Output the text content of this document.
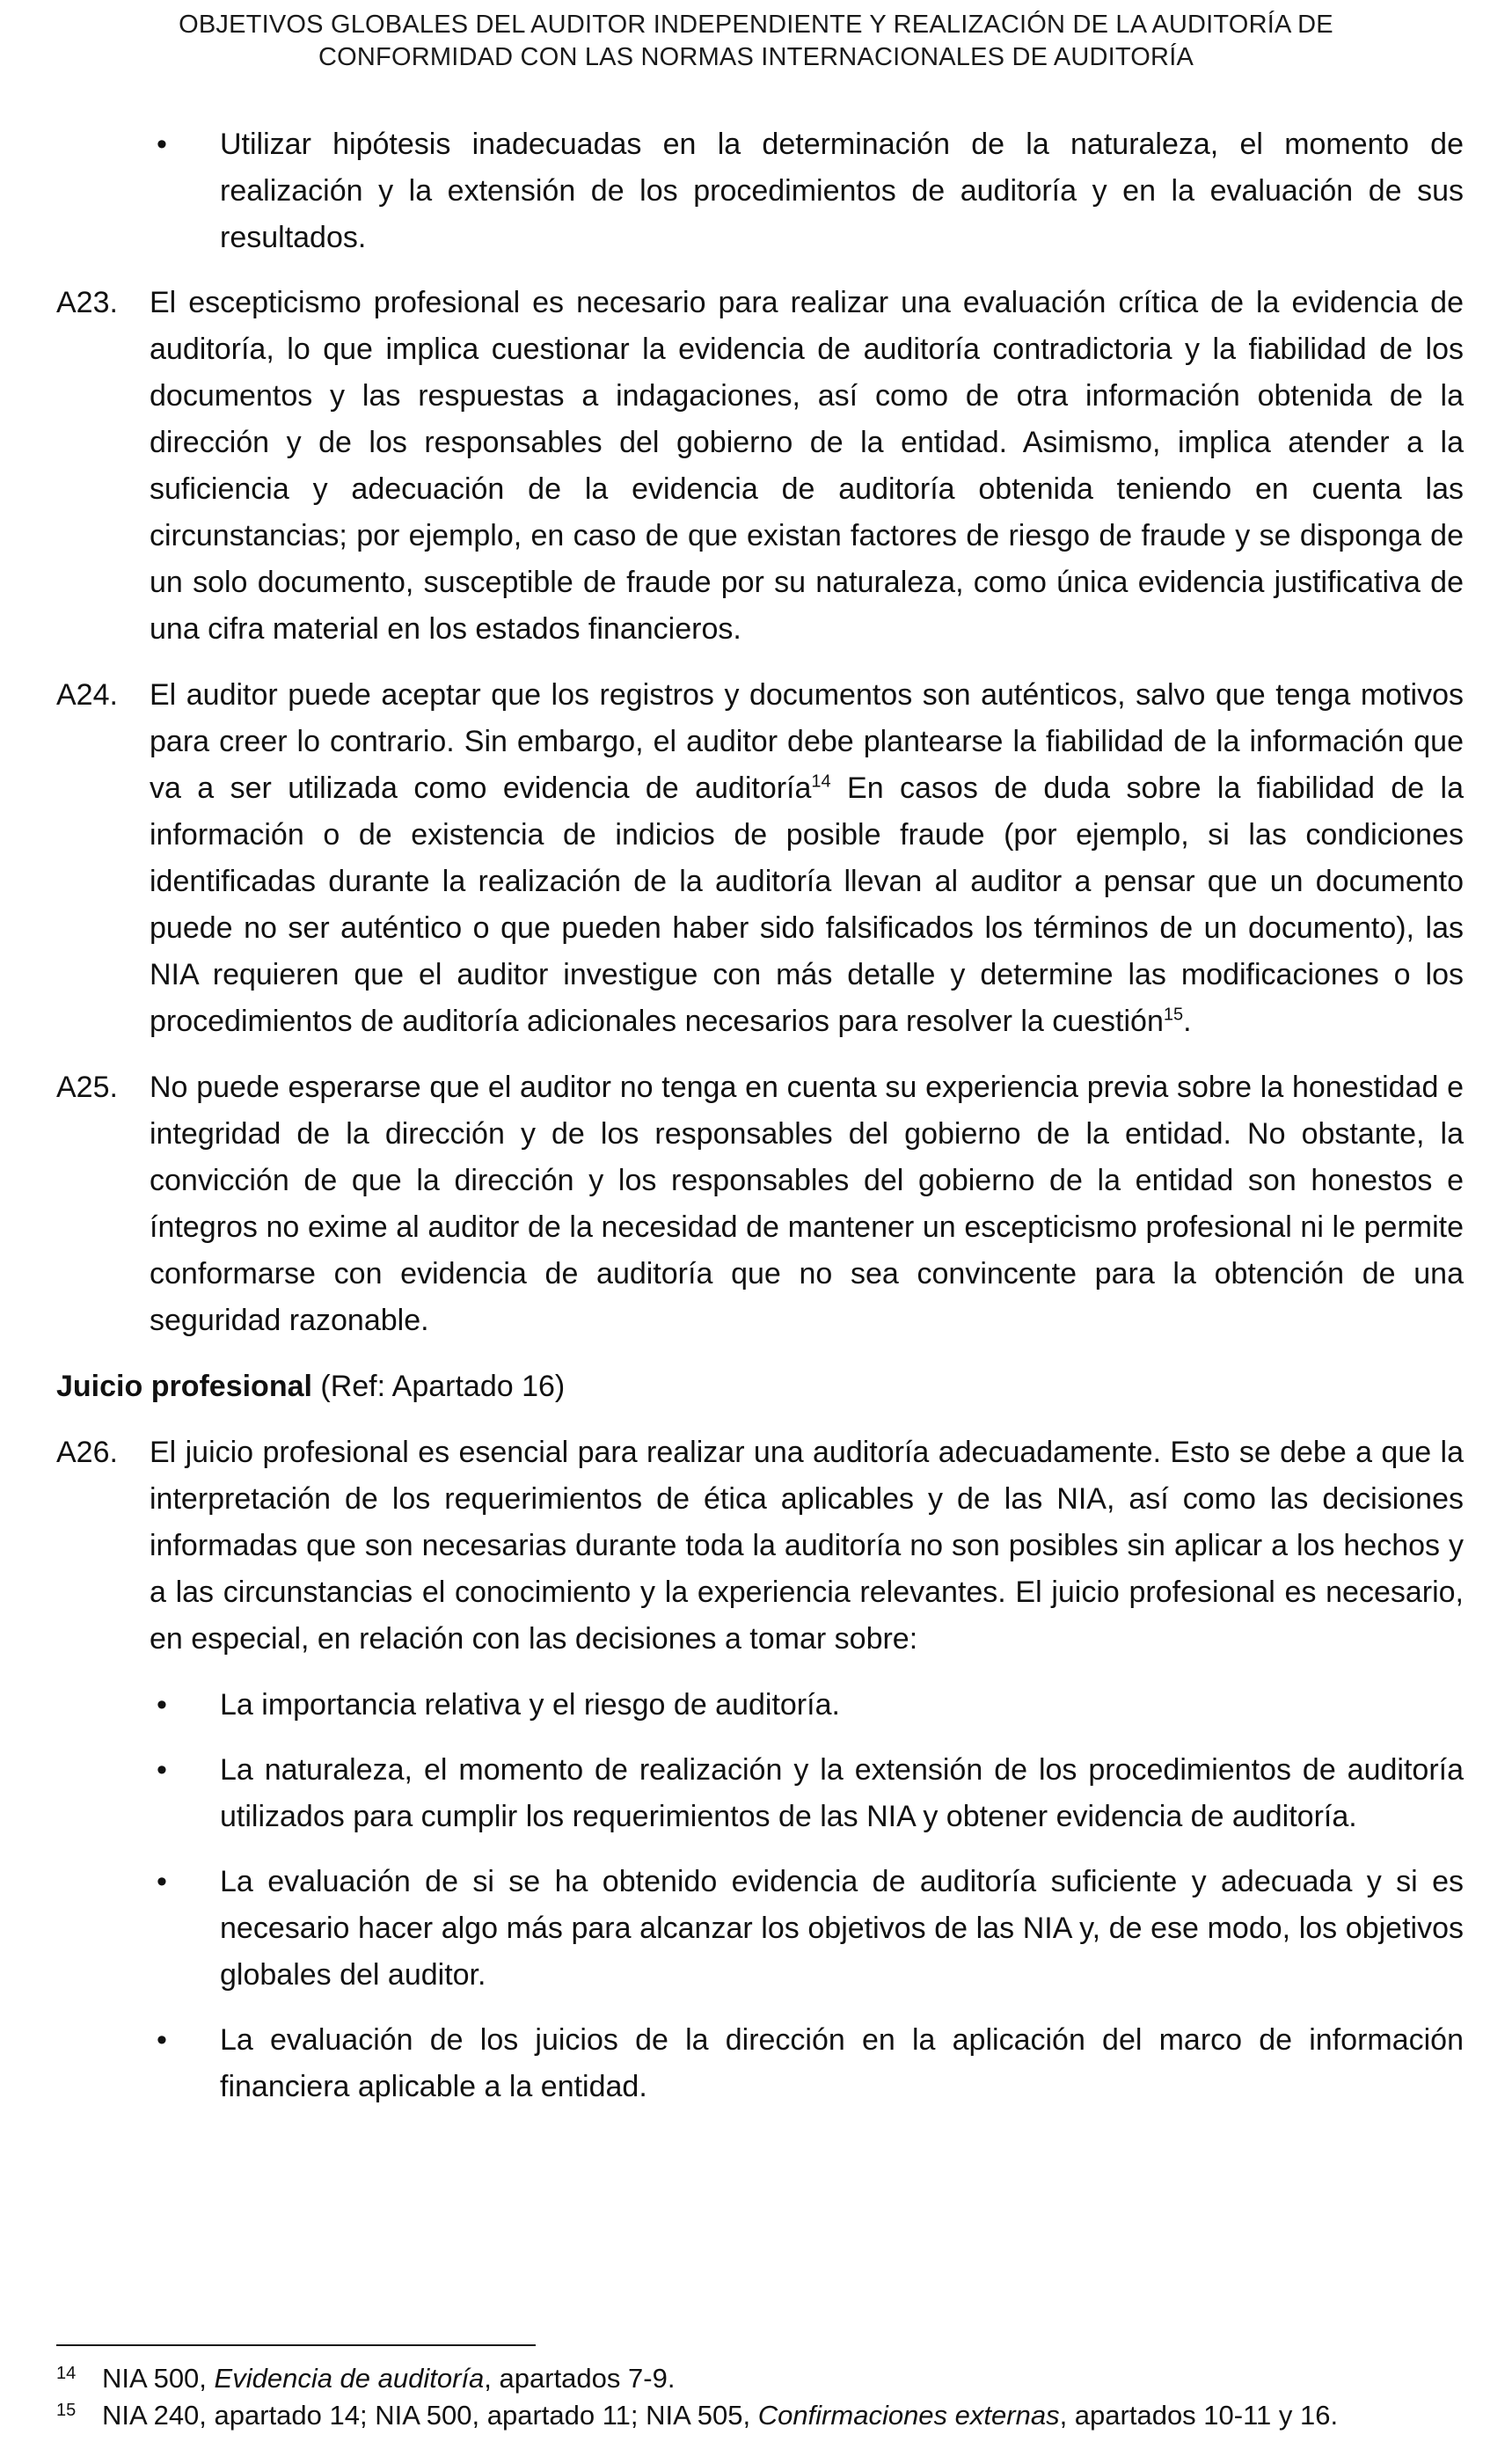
OBJETIVOS GLOBALES DEL AUDITOR INDEPENDIENTE Y REALIZACIÓN DE LA AUDITORÍA DE
CONFORMIDAD CON LAS NORMAS INTERNACIONALES DE AUDITORÍA

• Utilizar hipótesis inadecuadas en la determinación de la naturaleza, el momento de realización y la extensión de los procedimientos de auditoría y en la evaluación de sus resultados.

A23. El escepticismo profesional es necesario para realizar una evaluación crítica de la evidencia de auditoría, lo que implica cuestionar la evidencia de auditoría contradictoria y la fiabilidad de los documentos y las respuestas a indagaciones, así como de otra información obtenida de la dirección y de los responsables del gobierno de la entidad. Asimismo, implica atender a la suficiencia y adecuación de la evidencia de auditoría obtenida teniendo en cuenta las circunstancias; por ejemplo, en caso de que existan factores de riesgo de fraude y se disponga de un solo documento, susceptible de fraude por su naturaleza, como única evidencia justificativa de una cifra material en los estados financieros.

A24. El auditor puede aceptar que los registros y documentos son auténticos, salvo que tenga motivos para creer lo contrario. Sin embargo, el auditor debe plantearse la fiabilidad de la información que va a ser utilizada como evidencia de auditoría$^{14}$ En casos de duda sobre la fiabilidad de la información o de existencia de indicios de posible fraude (por ejemplo, si las condiciones identificadas durante la realización de la auditoría llevan al auditor a pensar que un documento puede no ser auténtico o que pueden haber sido falsificados los términos de un documento), las NIA requieren que el auditor investigue con más detalle y determine las modificaciones o los procedimientos de auditoría adicionales necesarios para resolver la cuestión$^{15}$.

A25. No puede esperarse que el auditor no tenga en cuenta su experiencia previa sobre la honestidad e integridad de la dirección y de los responsables del gobierno de la entidad. No obstante, la convicción de que la dirección y los responsables del gobierno de la entidad son honestos e íntegros no exime al auditor de la necesidad de mantener un escepticismo profesional ni le permite conformarse con evidencia de auditoría que no sea convincente para la obtención de una seguridad razonable.

Juicio profesional (Ref: Apartado 16)

A26. El juicio profesional es esencial para realizar una auditoría adecuadamente. Esto se debe a que la interpretación de los requerimientos de ética aplicables y de las NIA, así como las decisiones informadas que son necesarias durante toda la auditoría no son posibles sin aplicar a los hechos y a las circunstancias el conocimiento y la experiencia relevantes. El juicio profesional es necesario, en especial, en relación con las decisiones a tomar sobre:

• La importancia relativa y el riesgo de auditoría.

• La naturaleza, el momento de realización y la extensión de los procedimientos de auditoría utilizados para cumplir los requerimientos de las NIA y obtener evidencia de auditoría.

• La evaluación de si se ha obtenido evidencia de auditoría suficiente y adecuada y si es necesario hacer algo más para alcanzar los objetivos de las NIA y, de ese modo, los objetivos globales del auditor.

• La evaluación de los juicios de la dirección en la aplicación del marco de información financiera aplicable a la entidad.

14 NIA 500, Evidencia de auditoría, apartados 7-9.
15 NIA 240, apartado 14; NIA 500, apartado 11; NIA 505, Confirmaciones externas, apartados 10-11 y 16.
